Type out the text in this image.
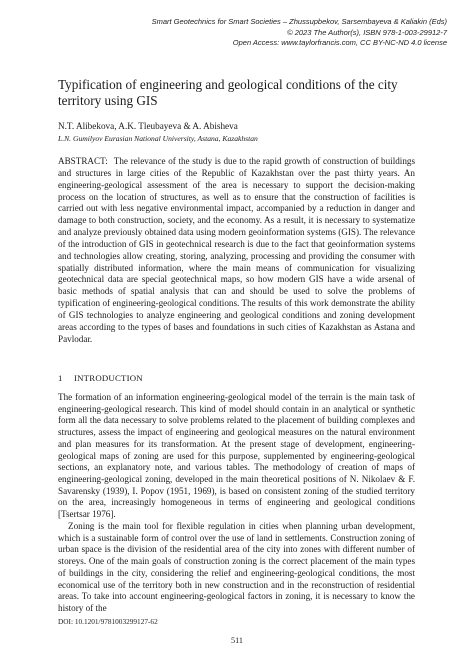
Smart Geotechnics for Smart Societies – Zhussupbekov, Sarsembayeva & Kaliakin (Eds)
© 2023 The Author(s), ISBN 978-1-003-29912-7
Open Access: www.taylorfrancis.com, CC BY-NC-ND 4.0 license
Typification of engineering and geological conditions of the city territory using GIS
N.T. Alibekova, A.K. Tleubayeva & A. Abisheva
L.N. Gumilyov Eurasian National University, Astana, Kazakhstan

ABSTRACT: The relevance of the study is due to the rapid growth of construction of buildings and structures in large cities of the Republic of Kazakhstan over the past thirty years. An engineering-geological assessment of the area is necessary to support the decision-making process on the location of structures, as well as to ensure that the construction of facilities is carried out with less negative environmental impact, accompanied by a reduction in danger and damage to both construction, society, and the economy. As a result, it is necessary to systematize and analyze previously obtained data using modern geoinformation systems (GIS). The relevance of the introduction of GIS in geotechnical research is due to the fact that geoinformation systems and technologies allow creating, storing, analyzing, processing and providing the consumer with spatially distributed information, where the main means of communication for visualizing geotechnical data are special geotechnical maps, so how modern GIS have a wide arsenal of basic methods of spatial analysis that can and should be used to solve the problems of typification of engineering-geological conditions. The results of this work demonstrate the ability of GIS technologies to analyze engineering and geological conditions and zoning development areas according to the types of bases and foundations in such cities of Kazakhstan as Astana and Pavlodar.

1 INTRODUCTION

The formation of an information engineering-geological model of the terrain is the main task of engineering-geological research. This kind of model should contain in an analytical or synthetic form all the data necessary to solve problems related to the placement of building complexes and structures, assess the impact of engineering and geological measures on the natural environment and plan measures for its transformation. At the present stage of development, engineering-geological maps of zoning are used for this purpose, supplemented by engineering-geological sections, an explanatory note, and various tables. The methodology of creation of maps of engineering-geological zoning, developed in the main theoretical positions of N. Nikolaev & F. Savarensky (1939), I. Popov (1951, 1969), is based on consistent zoning of the studied territory on the area, increasingly homogeneous in terms of engineering and geological conditions [Tsertsar 1976].

Zoning is the main tool for flexible regulation in cities when planning urban development, which is a sustainable form of control over the use of land in settlements. Construction zoning of urban space is the division of the residential area of the city into zones with different number of storeys. One of the main goals of construction zoning is the correct placement of the main types of buildings in the city, considering the relief and engineering-geological conditions, the most economical use of the territory both in new construction and in the reconstruction of residential areas. To take into account engineering-geological factors in zoning, it is necessary to know the history of the

DOI: 10.1201/9781003299127-62
511
